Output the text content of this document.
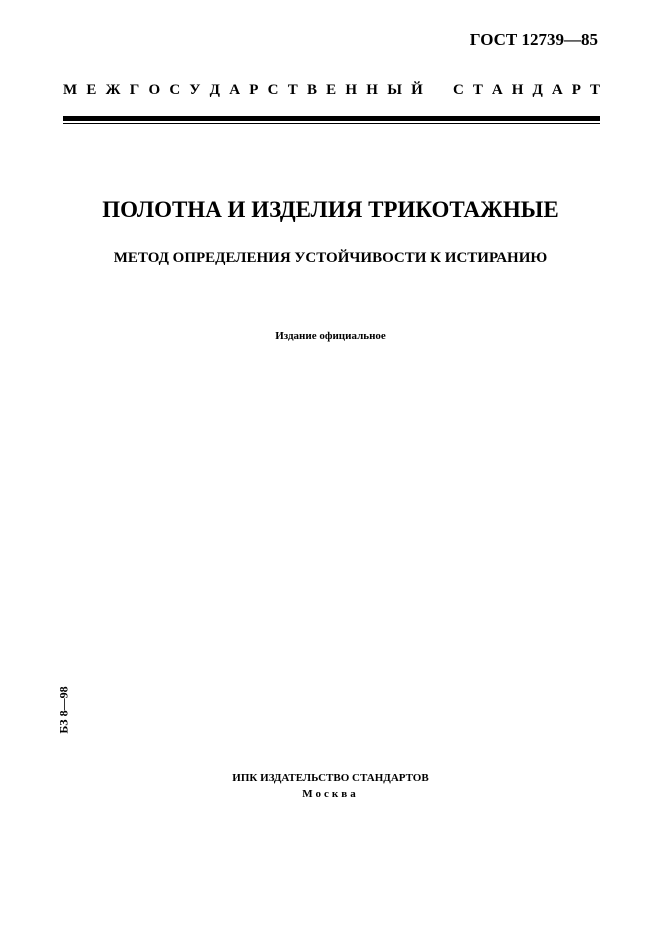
ГОСТ 12739—85
М Е Ж Г О С У Д А Р С Т В Е Н Н Ы Й С Т А Н Д А Р Т
ПОЛОТНА И ИЗДЕЛИЯ ТРИКОТАЖНЫЕ
МЕТОД ОПРЕДЕЛЕНИЯ УСТОЙЧИВОСТИ К ИСТИРАНИЮ
Издание официальное
БЗ 8—98
ИПК ИЗДАТЕЛЬСТВО СТАНДАРТОВ
Москва
